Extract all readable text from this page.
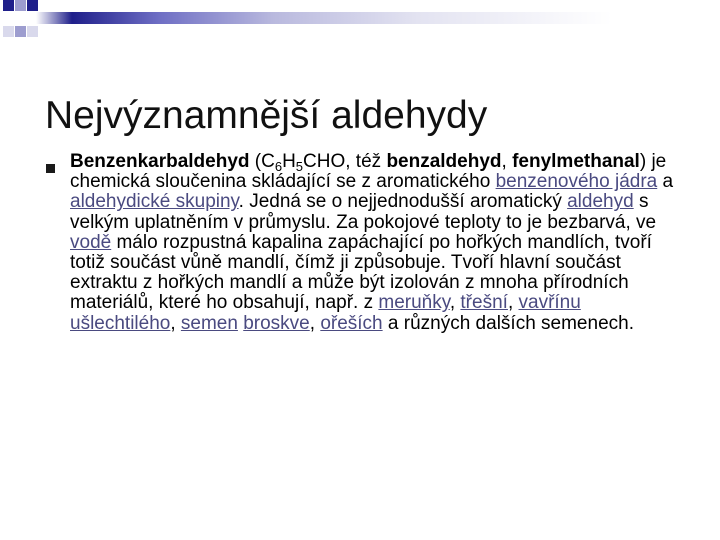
Nejvýznamnější aldehydy
Benzenkarbaldehyd ($C_6H_5CHO$, též benzaldehyd, fenylmethanal) je chemická sloučenina skládající se z aromatického benzenového jádra a aldehydické skupiny. Jedná se o nejjednodušší aromatický aldehyd s velkým uplatněním v průmyslu. Za pokojové teploty to je bezbarvá, ve vodě málo rozpustná kapalina zapáchající po hořkých mandlích, tvoří totiž součást vůně mandlí, čímž ji způsobuje. Tvoří hlavní součást extraktu z hořkých mandlí a může být izolován z mnoha přírodních materiálů, které ho obsahují, např. z meruňky, třešní, vavřínu ušlechtilého, semen broskve, ořeších a různých dalších semenech.
